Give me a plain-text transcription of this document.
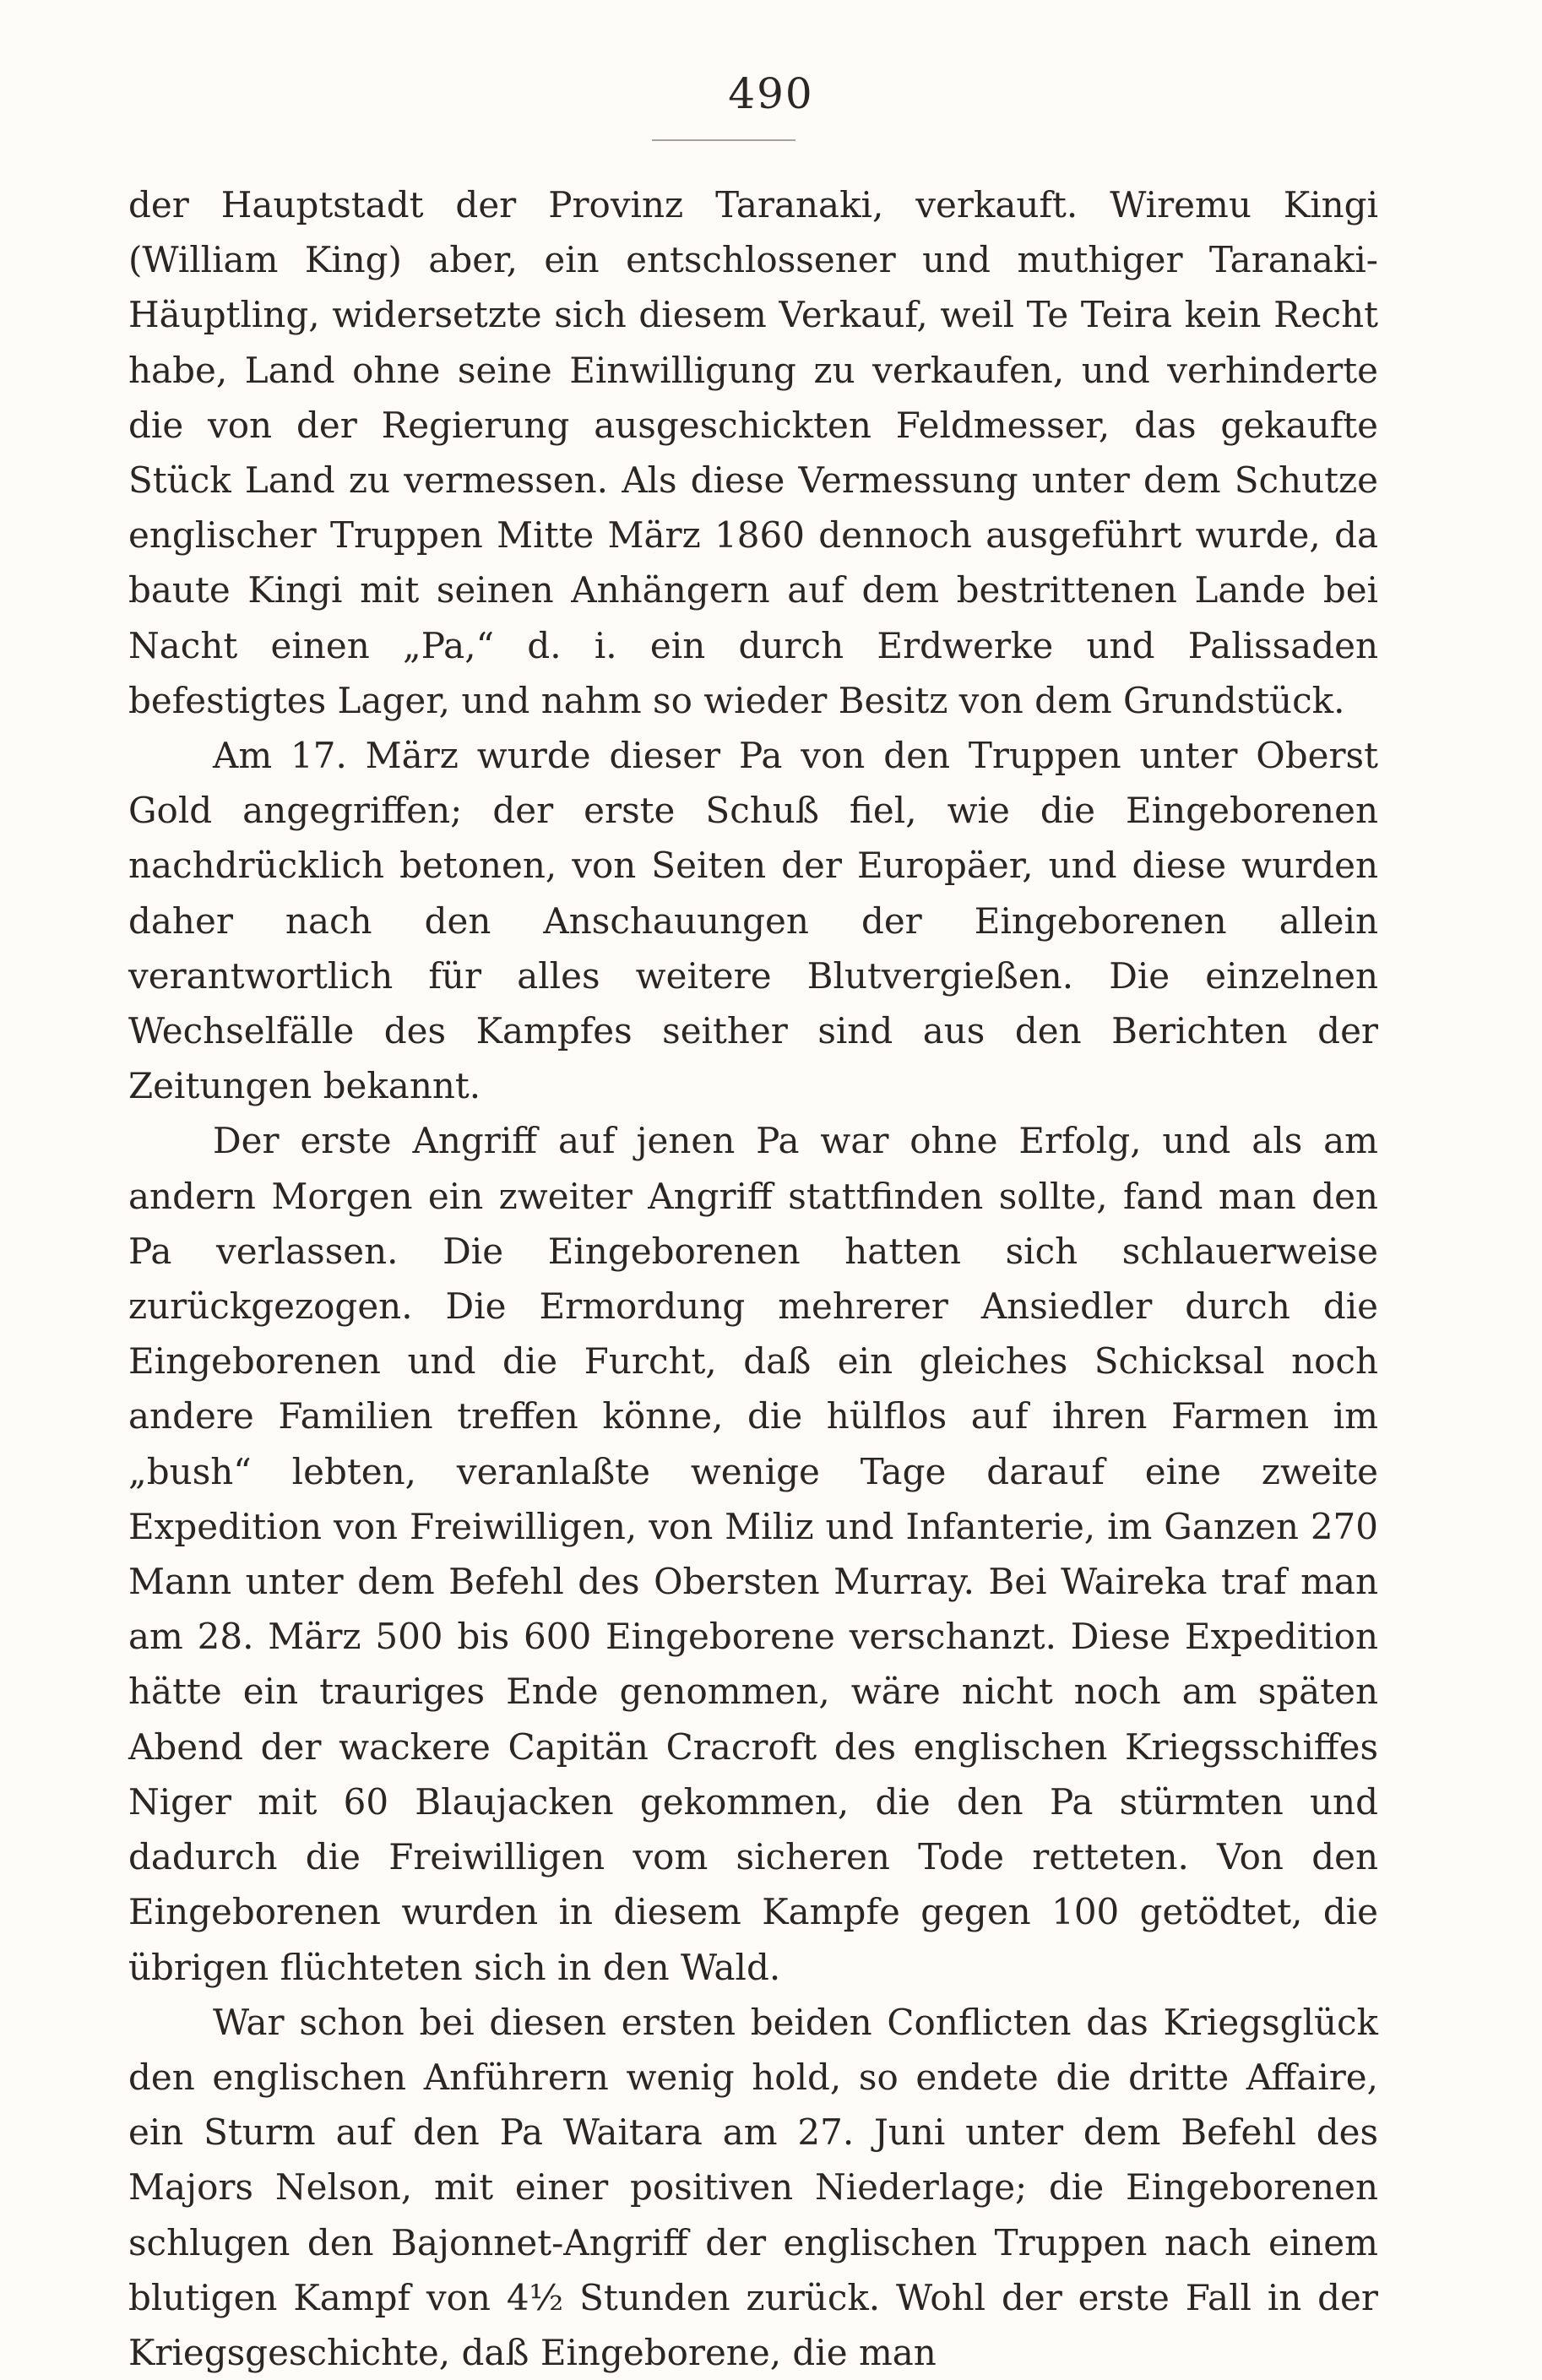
490

der Hauptstadt der Provinz Taranaki, verkauft. Wiremu Kingi (William King) aber, ein entschlossener und muthiger Taranaki-Häuptling, widersetzte sich diesem Verkauf, weil Te Teira kein Recht habe, Land ohne seine Einwilligung zu verkaufen, und verhinderte die von der Regierung ausgeschickten Feldmesser, das gekaufte Stück Land zu vermessen. Als diese Vermessung unter dem Schutze englischer Truppen Mitte März 1860 dennoch ausgeführt wurde, da baute Kingi mit seinen Anhängern auf dem bestrittenen Lande bei Nacht einen „Pa,“ d. i. ein durch Erdwerke und Palissaden befestigtes Lager, und nahm so wieder Besitz von dem Grundstück.

Am 17. März wurde dieser Pa von den Truppen unter Oberst Gold angegriffen; der erste Schuß fiel, wie die Eingeborenen nachdrücklich betonen, von Seiten der Europäer, und diese wurden daher nach den Anschauungen der Eingeborenen allein verantwortlich für alles weitere Blutvergießen. Die einzelnen Wechselfälle des Kampfes seither sind aus den Berichten der Zeitungen bekannt.

Der erste Angriff auf jenen Pa war ohne Erfolg, und als am andern Morgen ein zweiter Angriff stattfinden sollte, fand man den Pa verlassen. Die Eingeborenen hatten sich schlauerweise zurückgezogen. Die Ermordung mehrerer Ansiedler durch die Eingeborenen und die Furcht, daß ein gleiches Schicksal noch andere Familien treffen könne, die hülflos auf ihren Farmen im „bush“ lebten, veranlaßte wenige Tage darauf eine zweite Expedition von Freiwilligen, von Miliz und Infanterie, im Ganzen 270 Mann unter dem Befehl des Obersten Murray. Bei Waireka traf man am 28. März 500 bis 600 Eingeborene verschanzt. Diese Expedition hätte ein trauriges Ende genommen, wäre nicht noch am späten Abend der wackere Capitän Cracroft des englischen Kriegsschiffes Niger mit 60 Blaujacken gekommen, die den Pa stürmten und dadurch die Freiwilligen vom sicheren Tode retteten. Von den Eingeborenen wurden in diesem Kampfe gegen 100 getödtet, die übrigen flüchteten sich in den Wald.

War schon bei diesen ersten beiden Conflicten das Kriegsglück den englischen Anführern wenig hold, so endete die dritte Affaire, ein Sturm auf den Pa Waitara am 27. Juni unter dem Befehl des Majors Nelson, mit einer positiven Niederlage; die Eingeborenen schlugen den Bajonnet-Angriff der englischen Truppen nach einem blutigen Kampf von 4½ Stunden zurück. Wohl der erste Fall in der Kriegsgeschichte, daß Eingeborene, die man
